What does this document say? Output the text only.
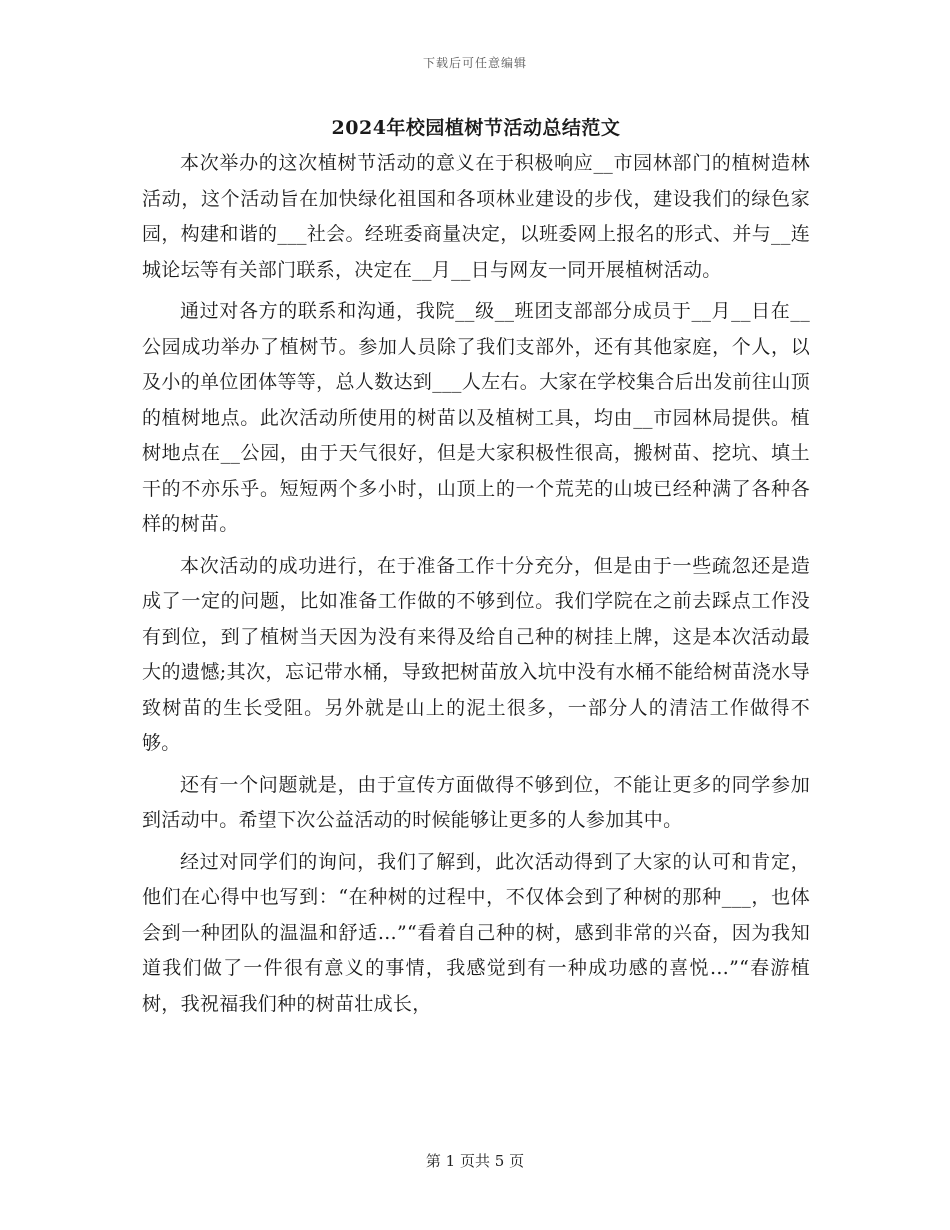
下载后可任意编辑
2024年校园植树节活动总结范文

本次举办的这次植树节活动的意义在于积极响应__市园林部门的植树造林活动，这个活动旨在加快绿化祖国和各项林业建设的步伐，建设我们的绿色家园，构建和谐的___社会。经班委商量决定，以班委网上报名的形式、并与__连城论坛等有关部门联系，决定在__月__日与网友一同开展植树活动。

通过对各方的联系和沟通，我院__级__班团支部部分成员于__月__日在__公园成功举办了植树节。参加人员除了我们支部外，还有其他家庭，个人，以及小的单位团体等等，总人数达到___人左右。大家在学校集合后出发前往山顶的植树地点。此次活动所使用的树苗以及植树工具，均由__市园林局提供。植树地点在__公园，由于天气很好，但是大家积极性很高，搬树苗、挖坑、填土干的不亦乐乎。短短两个多小时，山顶上的一个荒芜的山坡已经种满了各种各样的树苗。

本次活动的成功进行，在于准备工作十分充分，但是由于一些疏忽还是造成了一定的问题，比如准备工作做的不够到位。我们学院在之前去踩点工作没有到位，到了植树当天因为没有来得及给自己种的树挂上牌，这是本次活动最大的遗憾;其次，忘记带水桶，导致把树苗放入坑中没有水桶不能给树苗浇水导致树苗的生长受阻。另外就是山上的泥土很多，一部分人的清洁工作做得不够。

还有一个问题就是，由于宣传方面做得不够到位，不能让更多的同学参加到活动中。希望下次公益活动的时候能够让更多的人参加其中。

经过对同学们的询问，我们了解到，此次活动得到了大家的认可和肯定，他们在心得中也写到：“在种树的过程中，不仅体会到了种树的那种___，也体会到一种团队的温温和舒适…”“看着自己种的树，感到非常的兴奋，因为我知道我们做了一件很有意义的事情，我感觉到有一种成功感的喜悦…”“春游植树，我祝福我们种的树苗壮成长，

第 1 页共 5 页
